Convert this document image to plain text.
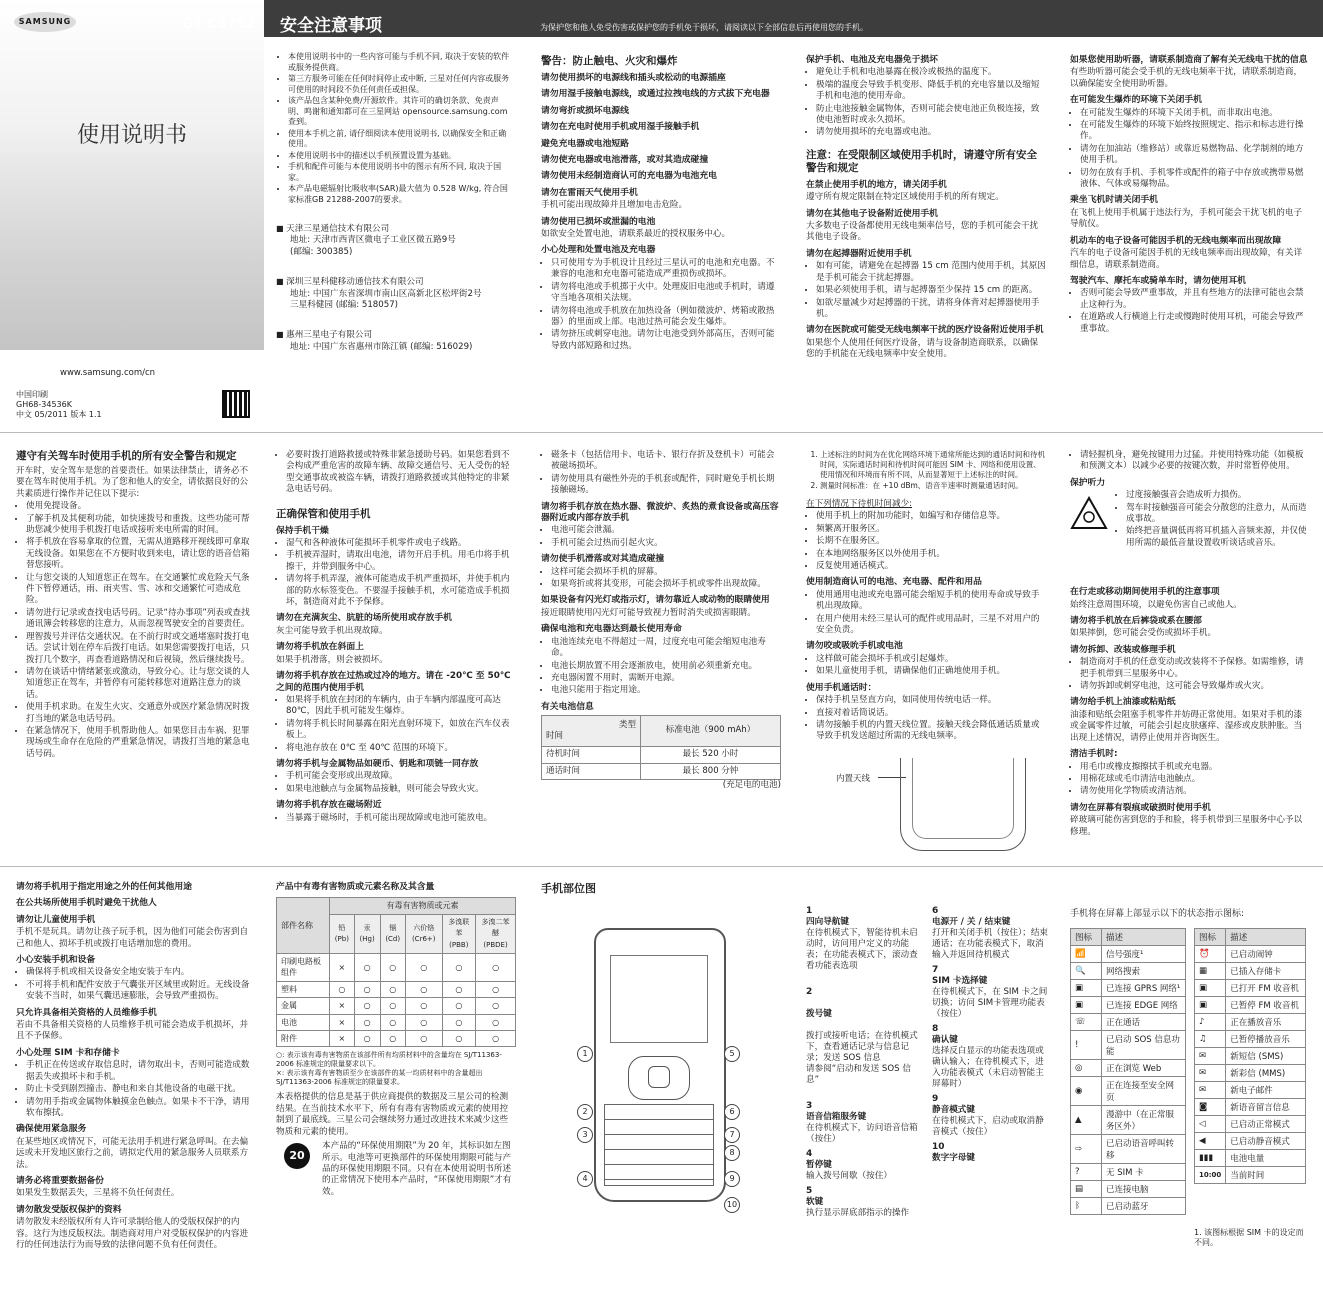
SAMSUNG	GT-C3752
使用说明书
www.samsung.com/cn
中国印刷
GH68-34536K
中文 05/2011 版本 1.1
安全注意事项	为保护您和他人免受伤害或保护您的手机免于损坏，请阅读以下全部信息后再使用您的手机。
• 本使用说明书中的一些内容可能与手机不同, 取决于安装的软件或服务提供商。
• 第三方服务可能在任何时间停止或中断, 三星对任何内容或服务可使用的时间段不负任何责任或担保。
• 该产品包含某种免费/开源软件。其许可的确切条款、免责声明、鸣谢和通知都可在三星网站 opensource.samsung.com 查到。
• 使用本手机之前, 请仔细阅读本使用说明书, 以确保安全和正确使用。
• 本使用说明书中的描述以手机预置设置为基础。
• 手机和配件可能与本使用说明书中的图示有所不同, 取决于国家。
• 本产品电磁辐射比吸收率(SAR)最大值为 0.528 W/kg, 符合国家标准GB 21288-2007的要求。
■ 天津三星通信技术有限公司
地址: 天津市西青区微电子工业区微五路9号
(邮编: 300385)
■ 深圳三星科健移动通信技术有限公司
地址: 中国广东省深圳市南山区高新北区松坪街2号
三星科健园 (邮编: 518057)
■ 惠州三星电子有限公司
地址: 中国广东省惠州市陈江镇 (邮编: 516029)
警告：防止触电、火灾和爆炸
请勿使用损坏的电源线和插头或松动的电源插座
请勿用湿手接触电源线，或通过拉拽电线的方式拔下充电器
请勿弯折或损坏电源线
请勿在充电时使用手机或用湿手接触手机
避免充电器或电池短路
请勿使充电器或电池滑落，或对其造成碰撞
请勿使用未经制造商认可的充电器为电池充电
请勿在雷雨天气使用手机
手机可能出现故障并且增加电击危险。
请勿使用已损坏或泄漏的电池
如欲安全处置电池，请联系最近的授权服务中心。
小心处理和处置电池及充电器
• 只可使用专为手机设计且经过三星认可的电池和充电器。不兼容的电池和充电器可能造成严重损伤或损坏。
• 请勿将电池或手机掷于火中。处理废旧电池或手机时，请遵守当地各项相关法规。
• 请勿将电池或手机放在加热设备（例如微波炉、烤箱或散热器）的里面或上部。电池过热可能会发生爆炸。
• 请勿挤压或刺穿电池。请勿让电池受到外部高压，否则可能导致内部短路和过热。
保护手机、电池及充电器免于损坏
• 避免让手机和电池暴露在极冷或极热的温度下。
• 极端的温度会导致手机变形、降低手机的充电容量以及缩短手机和电池的使用寿命。
• 防止电池接触金属物体，否则可能会使电池正负极连接，致使电池暂时或永久损坏。
• 请勿使用损坏的充电器或电池。
注意：在受限制区域使用手机时，请遵守所有安全警告和规定
在禁止使用手机的地方，请关闭手机
遵守所有规定限制在特定区域使用手机的所有规定。
请勿在其他电子设备附近使用手机
大多数电子设备都使用无线电频率信号，您的手机可能会干扰其他电子设备。
请勿在起搏器附近使用手机
• 如有可能，请避免在起搏器 15 cm 范围内使用手机，其原因是手机可能会干扰起搏器。
• 如果必须使用手机，请与起搏器至少保持 15 cm 的距离。
• 如欲尽量减少对起搏器的干扰，请将身体背对起搏器使用手机。
请勿在医院或可能受无线电频率干扰的医疗设备附近使用手机
如果您个人使用任何医疗设备，请与设备制造商联系，以确保您的手机能在无线电频率中安全使用。
如果您使用助听器，请联系制造商了解有关无线电干扰的信息
有些助听器可能会受手机的无线电频率干扰，请联系制造商，以确保能安全使用助听器。
在可能发生爆炸的环境下关闭手机
• 在可能发生爆炸的环境下关闭手机，而非取出电池。
• 在可能发生爆炸的环境下始终按照规定、指示和标志进行操作。
• 请勿在加油站（维修站）或靠近易燃物品、化学制剂的地方使用手机。
• 切勿在放有手机、手机零件或配件的箱子中存放或携带易燃液体、气体或易爆物品。
乘坐飞机时请关闭手机
在飞机上使用手机属于违法行为，手机可能会干扰飞机的电子导航仪。
机动车的电子设备可能因手机的无线电频率而出现故障
汽车的电子设备可能因手机的无线电频率而出现故障，有关详细信息，请联系制造商。
驾驶汽车、摩托车或骑单车时，请勿使用耳机
• 否则可能会导致严重事故，并且有些地方的法律可能也会禁止这种行为。
• 在道路或人行横道上行走或慢跑时使用耳机，可能会导致严重事故。
遵守有关驾车时使用手机的所有安全警告和规定
开车时，安全驾车是您的首要责任。如果法律禁止，请务必不要在驾车时使用手机。为了您和他人的安全，请依据良好的公共素质进行操作并记住以下提示:
• 使用免提设备。
• 了解手机及其便利功能，如快速拨号和重拨。这些功能可帮助您减少使用手机拨打电话或接听来电所需的时间。
• 将手机放在容易拿取的位置，无需从道路移开视线即可拿取无线设备。如果您在不方便时收到来电，请让您的语音信箱替您接听。
• 让与您交谈的人知道您正在驾车。在交通繁忙或危险天气条件下暂停通话，雨、雨夹雪、雪、冰和交通繁忙可造成危险。
• 请勿进行记录或查找电话号码。记录“待办事项”列表或查找通讯簿会转移您的注意力，从而忽视驾驶安全的首要责任。
• 理智拨号并评估交通状况。在不前行时或交通堵塞时拨打电话。尝试计划在停车后拨打电话。如果您需要拨打电话，只拨打几个数字，再查看道路情况和后视镜，然后继续拨号。
• 请勿在谈话中情绪紧张或激动，导致分心。让与您交谈的人知道您正在驾车，并暂停有可能转移您对道路注意力的谈话。
• 使用手机求助。在发生火灾、交通意外或医疗紧急情况时拨打当地的紧急电话号码。
• 在紧急情况下，使用手机帮助他人。如果您目击车祸、犯罪现场或生命存在危险的严重紧急情况，请拨打当地的紧急电话号码。
• 必要时拨打道路救援或特殊非紧急援助号码。如果您看到不会构成严重危害的故障车辆、故障交通信号、无人受伤的轻型交通事故或被盗车辆，请拨打道路救援或其他特定的非紧急电话号码。
正确保管和使用手机
保持手机干燥
• 湿气和各种液体可能损坏手机零件或电子线路。
• 手机被弄湿时，请取出电池，请勿开启手机。用毛巾将手机擦干，并带到服务中心。
• 请勿将手机弄湿，液体可能造成手机严重损坏，并使手机内部的防水标签变色。不要湿手接触手机，水可能造成手机损坏，制造商对此不予保修。
请勿在充满灰尘、肮脏的场所使用或存放手机
灰尘可能导致手机出现故障。
请勿将手机放在斜面上
如果手机滑落，则会被损坏。
请勿将手机存放在过热或过冷的地方。请在 -20℃ 至 50℃ 之间的范围内使用手机
• 如果将手机放在封闭的车辆内，由于车辆内部温度可高达 80℃，因此手机可能发生爆炸。
• 请勿将手机长时间暴露在阳光直射环境下，如放在汽车仪表板上。
• 将电池存放在 0℃ 至 40℃ 范围的环境下。
请勿将手机与金属物品如硬币、钥匙和项链一同存放
• 手机可能会变形或出现故障。
• 如果电池触点与金属物品接触，则可能会导致火灾。
请勿将手机存放在磁场附近
• 当暴露于磁场时，手机可能出现故障或电池可能放电。
• 磁条卡（包括信用卡、电话卡、银行存折及登机卡）可能会被磁场损坏。
• 请勿使用具有磁性外壳的手机套或配件，同时避免手机长期接触磁场。
请勿将手机存放在热水器、微波炉、炙热的煮食设备或高压容器附近或内部存放手机
• 电池可能会泄漏。
• 手机可能会过热而引起火灾。
请勿使手机滑落或对其造成碰撞
• 这样可能会损坏手机的屏幕。
• 如果弯折或将其变形，可能会损坏手机或零件出现故障。
如果设备有闪光灯或指示灯，请勿靠近人或动物的眼睛使用
接近眼睛使用闪光灯可能导致视力暂时消失或损害眼睛。
确保电池和充电器达到最长使用寿命
• 电池连续充电不得超过一周，过度充电可能会缩短电池寿命。
• 电池长期放置不用会逐渐放电，使用前必须重新充电。
• 充电器闲置不用时，需断开电源。
• 电池只能用于指定用途。
有关电池信息
类型
时间	标准电池（900 mAh）
待机时间	最长 520 小时
通话时间	最长 800 分钟
(充足电的电池)
1. 上述标注的时间为在优化网络环境下通常所能达到的通话时间和待机时间，实际通话时间和待机时间可能因 SIM 卡、网络和使用设置、使用情况和环境而有所不同，从而显著短于上述标注的时间。
2. 测量时间标准：在 +10 dBm、语音半速率时测量通话时间。
在下列情况下待机时间减少:
• 使用手机上的附加功能时，如编写和存储信息等。
• 频繁离开服务区。
• 长期不在服务区。
• 在本地网络服务区以外使用手机。
• 反复使用通话模式。
使用制造商认可的电池、充电器、配件和用品
• 使用通用电池或充电器可能会缩短手机的使用寿命或导致手机出现故障。
• 在用户使用未经三星认可的配件或用品时，三星不对用户的安全负责。
请勿咬或吸吮手机或电池
• 这样做可能会损坏手机或引起爆炸。
• 如果儿童使用手机，请确保他们正确地使用手机。
使用手机通话时：
• 保持手机呈竖直方向，如同使用传统电话一样。
• 直接对着话筒说话。
• 请勿接触手机的内置天线位置。接触天线会降低通话质量或导致手机发送超过所需的无线电频率。
内置天线
• 请轻握机身，避免按键用力过猛。并使用特殊功能（如模板和预测文本）以减少必要的按键次数，并时常暂停使用。
保护听力
• 过度接触强音会造成听力损伤。
• 驾车时接触强音可能会分散您的注意力，从而造成事故。
• 始终把音量调低再将耳机插入音频来源，并仅使用所需的最低音量设置收听谈话或音乐。
在行走或移动期间使用手机的注意事项
始终注意周围环境，以避免伤害自己或他人。
请勿将手机放在后裤袋或系在腰部
如果摔倒，您可能会受伤或损坏手机。
请勿拆卸、改装或修理手机
• 制造商对手机的任意变动或改装将不予保修。如需维修，请把手机带到三星服务中心。
• 请勿拆卸或刺穿电池，这可能会导致爆炸或火灾。
请勿给手机上油漆或粘贴纸
油漆和贴纸会阻塞手机零件并妨碍正常使用。如果对手机的漆或金属零件过敏，可能会引起皮肤瘙痒、湿疹或皮肤肿胀。当出现上述情况，请停止使用并咨询医生。
清洁手机时:
• 用毛巾或橡皮擦擦拭手机或充电器。
• 用棉花球或毛巾清洁电池触点。
• 请勿使用化学物质或清洁剂。
请勿在屏幕有裂痕或破损时使用手机
碎玻璃可能伤害到您的手和脸，将手机带到三星服务中心予以修理。
请勿将手机用于指定用途之外的任何其他用途
在公共场所使用手机时避免干扰他人
请勿让儿童使用手机
手机不是玩具。请勿让孩子玩手机，因为他们可能会伤害到自己和他人、损坏手机或拨打电话增加您的费用。
小心安装手机和设备
• 确保将手机或相关设备安全地安装于车内。
• 不可将手机和配件安放于气囊张开区域里或附近。无线设备安装不当时，如果气囊迅速膨胀，会导致严重损伤。
只允许具备相关资格的人员维修手机
若由不具备相关资格的人员维修手机可能会造成手机损坏，并且不予保修。
小心处理 SIM 卡和存储卡
• 手机正在传送或存取信息时，请勿取出卡，否则可能造成数据丢失或损坏卡和手机。
• 防止卡受到剧烈撞击、静电和来自其他设备的电磁干扰。
• 请勿用手指或金属物体触摸金色触点。如果卡不干净，请用软布擦拭。
确保使用紧急服务
在某些地区或情况下，可能无法用手机进行紧急呼叫。在去偏远或未开发地区旅行之前，请拟定代用的紧急服务人员联系方法。
请务必将重要数据备份
如果发生数据丢失，三星将不负任何责任。
请勿散发受版权保护的资料
请勿散发未经版权所有人许可录制给他人的受版权保护的内容。这行为违反版权法。制造商对用户对受版权保护的内容进行的任何违法行为而导致的法律问题不负有任何责任。
产品中有毒有害物质或元素名称及其含量
部件名称	有毒有害物质或元素					
	铅 (Pb)	汞 (Hg)	镉 (Cd)	六价铬 (Cr6+)	多溴联苯 (PBB)	多溴二苯醚 (PBDE)
印刷电路板组件	×	○	○	○	○	○
塑料	○	○	○	○	○	○
金属	×	○	○	○	○	○
电池	×	○	○	○	○	○
附件	×	○	○	○	○	○
○: 表示该有毒有害物质在该部件所有均质材料中的含量均在 SJ/T11363-2006 标准规定的限量要求以下。
×: 表示该有毒有害物质至少在该部件的某一均质材料中的含量超出 SJ/T11363-2006 标准规定的限量要求。
本表格提供的信息是基于供应商提供的数据及三星公司的检测结果。在当前技术水平下，所有有毒有害物质或元素的使用控制到了最底线。三星公司会继续努力通过改进技术来减少这些物质和元素的使用。
20
本产品的“环保使用期限”为 20 年，其标识如左图所示。电池等可更换部件的环保使用期限可能与产品的环保使用期限不同。只有在本使用说明书所述的正常情况下使用本产品时，“环保使用期限”才有效。
手机部位图
1
2
3
4
5
6
7
8
9
10
1
四向导航键
在待机模式下，智能待机未启动时，访问用户定义的功能表；在功能表模式下，滚动查看功能表选项

2

拨号键

拨打或接听电话；在待机模式下，查看通话记录与信息记录；发送 SOS 信息
请参阅“启动和发送 SOS 信息”

3
语音信箱服务键
在待机模式下，访问语音信箱（按住）
4
暂停键
输入拨号间歇（按住）
5
软键
执行显示屏底部指示的操作
6
电源开 / 关 / 结束键
打开和关闭手机（按住）；结束通话；在功能表模式下，取消输入并返回待机模式
7
SIM 卡选择键
在待机模式下，在 SIM 卡之间切换；访问 SIM卡管理功能表（按住）
8
确认键
选择反白显示的功能表选项或确认输入；在待机模式下，进入功能表模式（未启动智能主屏幕时）
9
静音模式键
在待机模式下，启动或取消静音模式（按住）
10
数字字母键
手机将在屏幕上部显示以下的状态指示图标:
图标	描述
📶	信号强度¹
🔍	网络搜索
▣	已连接 GPRS 网络¹
▣	已连接 EDGE 网络
☏	正在通话
!	已启动 SOS 信息功能
◎	正在浏览 Web
◉	正在连接至安全网页
▲	漫游中（在正常服务区外）
⇨	已启动语音呼叫转移
?	无 SIM 卡
▤	已连接电脑
ᛒ	已启动蓝牙
图标	描述
⏰	已启动闹钟
▦	已插入存储卡
▣	已打开 FM 收音机
▣	已暂停 FM 收音机
♪	正在播放音乐
♫	已暂停播放音乐
✉	新短信 (SMS)
✉	新彩信 (MMS)
✉	新电子邮件
◙	新语音留言信息
◁	已启动正常模式
◀	已启动静音模式
▮▮▮	电池电量
10:00	当前时间
1. 该图标根据 SIM 卡的设定而不同。
